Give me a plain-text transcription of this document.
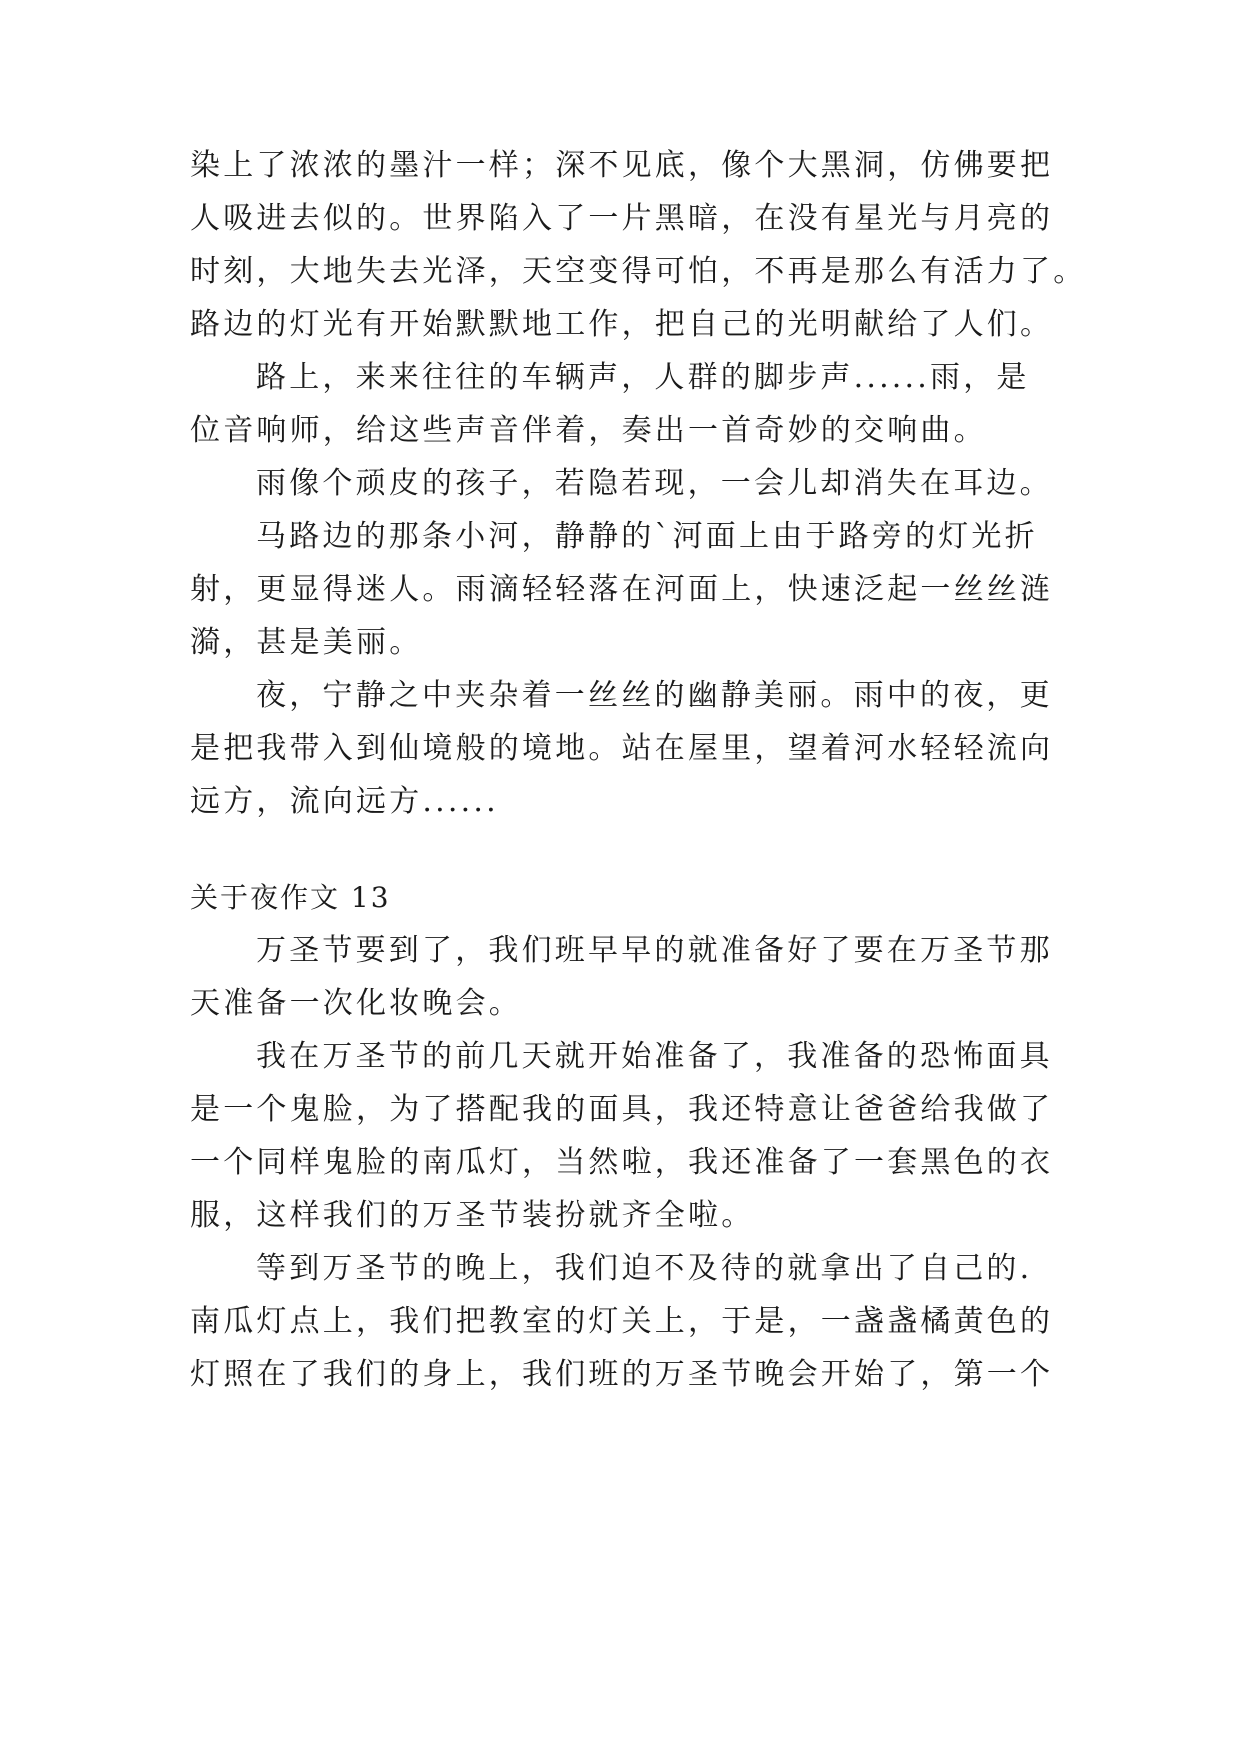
染上了浓浓的墨汁一样；深不见底，像个大黑洞，仿佛要把
人吸进去似的。世界陷入了一片黑暗，在没有星光与月亮的
时刻，大地失去光泽，天空变得可怕，不再是那么有活力了。
路边的灯光有开始默默地工作，把自己的光明献给了人们。
路上，来来往往的车辆声，人群的脚步声......雨，是
位音响师，给这些声音伴着，奏出一首奇妙的交响曲。
雨像个顽皮的孩子，若隐若现，一会儿却消失在耳边。
马路边的那条小河，静静的`河面上由于路旁的灯光折
射，更显得迷人。雨滴轻轻落在河面上，快速泛起一丝丝涟
漪，甚是美丽。
夜，宁静之中夹杂着一丝丝的幽静美丽。雨中的夜，更
是把我带入到仙境般的境地。站在屋里，望着河水轻轻流向
远方，流向远方......
关于夜作文 13
万圣节要到了，我们班早早的就准备好了要在万圣节那
天准备一次化妆晚会。
我在万圣节的前几天就开始准备了，我准备的恐怖面具
是一个鬼脸，为了搭配我的面具，我还特意让爸爸给我做了
一个同样鬼脸的南瓜灯，当然啦，我还准备了一套黑色的衣
服，这样我们的万圣节装扮就齐全啦。
等到万圣节的晚上，我们迫不及待的就拿出了自己的.
南瓜灯点上，我们把教室的灯关上，于是，一盏盏橘黄色的
灯照在了我们的身上，我们班的万圣节晚会开始了，第一个
